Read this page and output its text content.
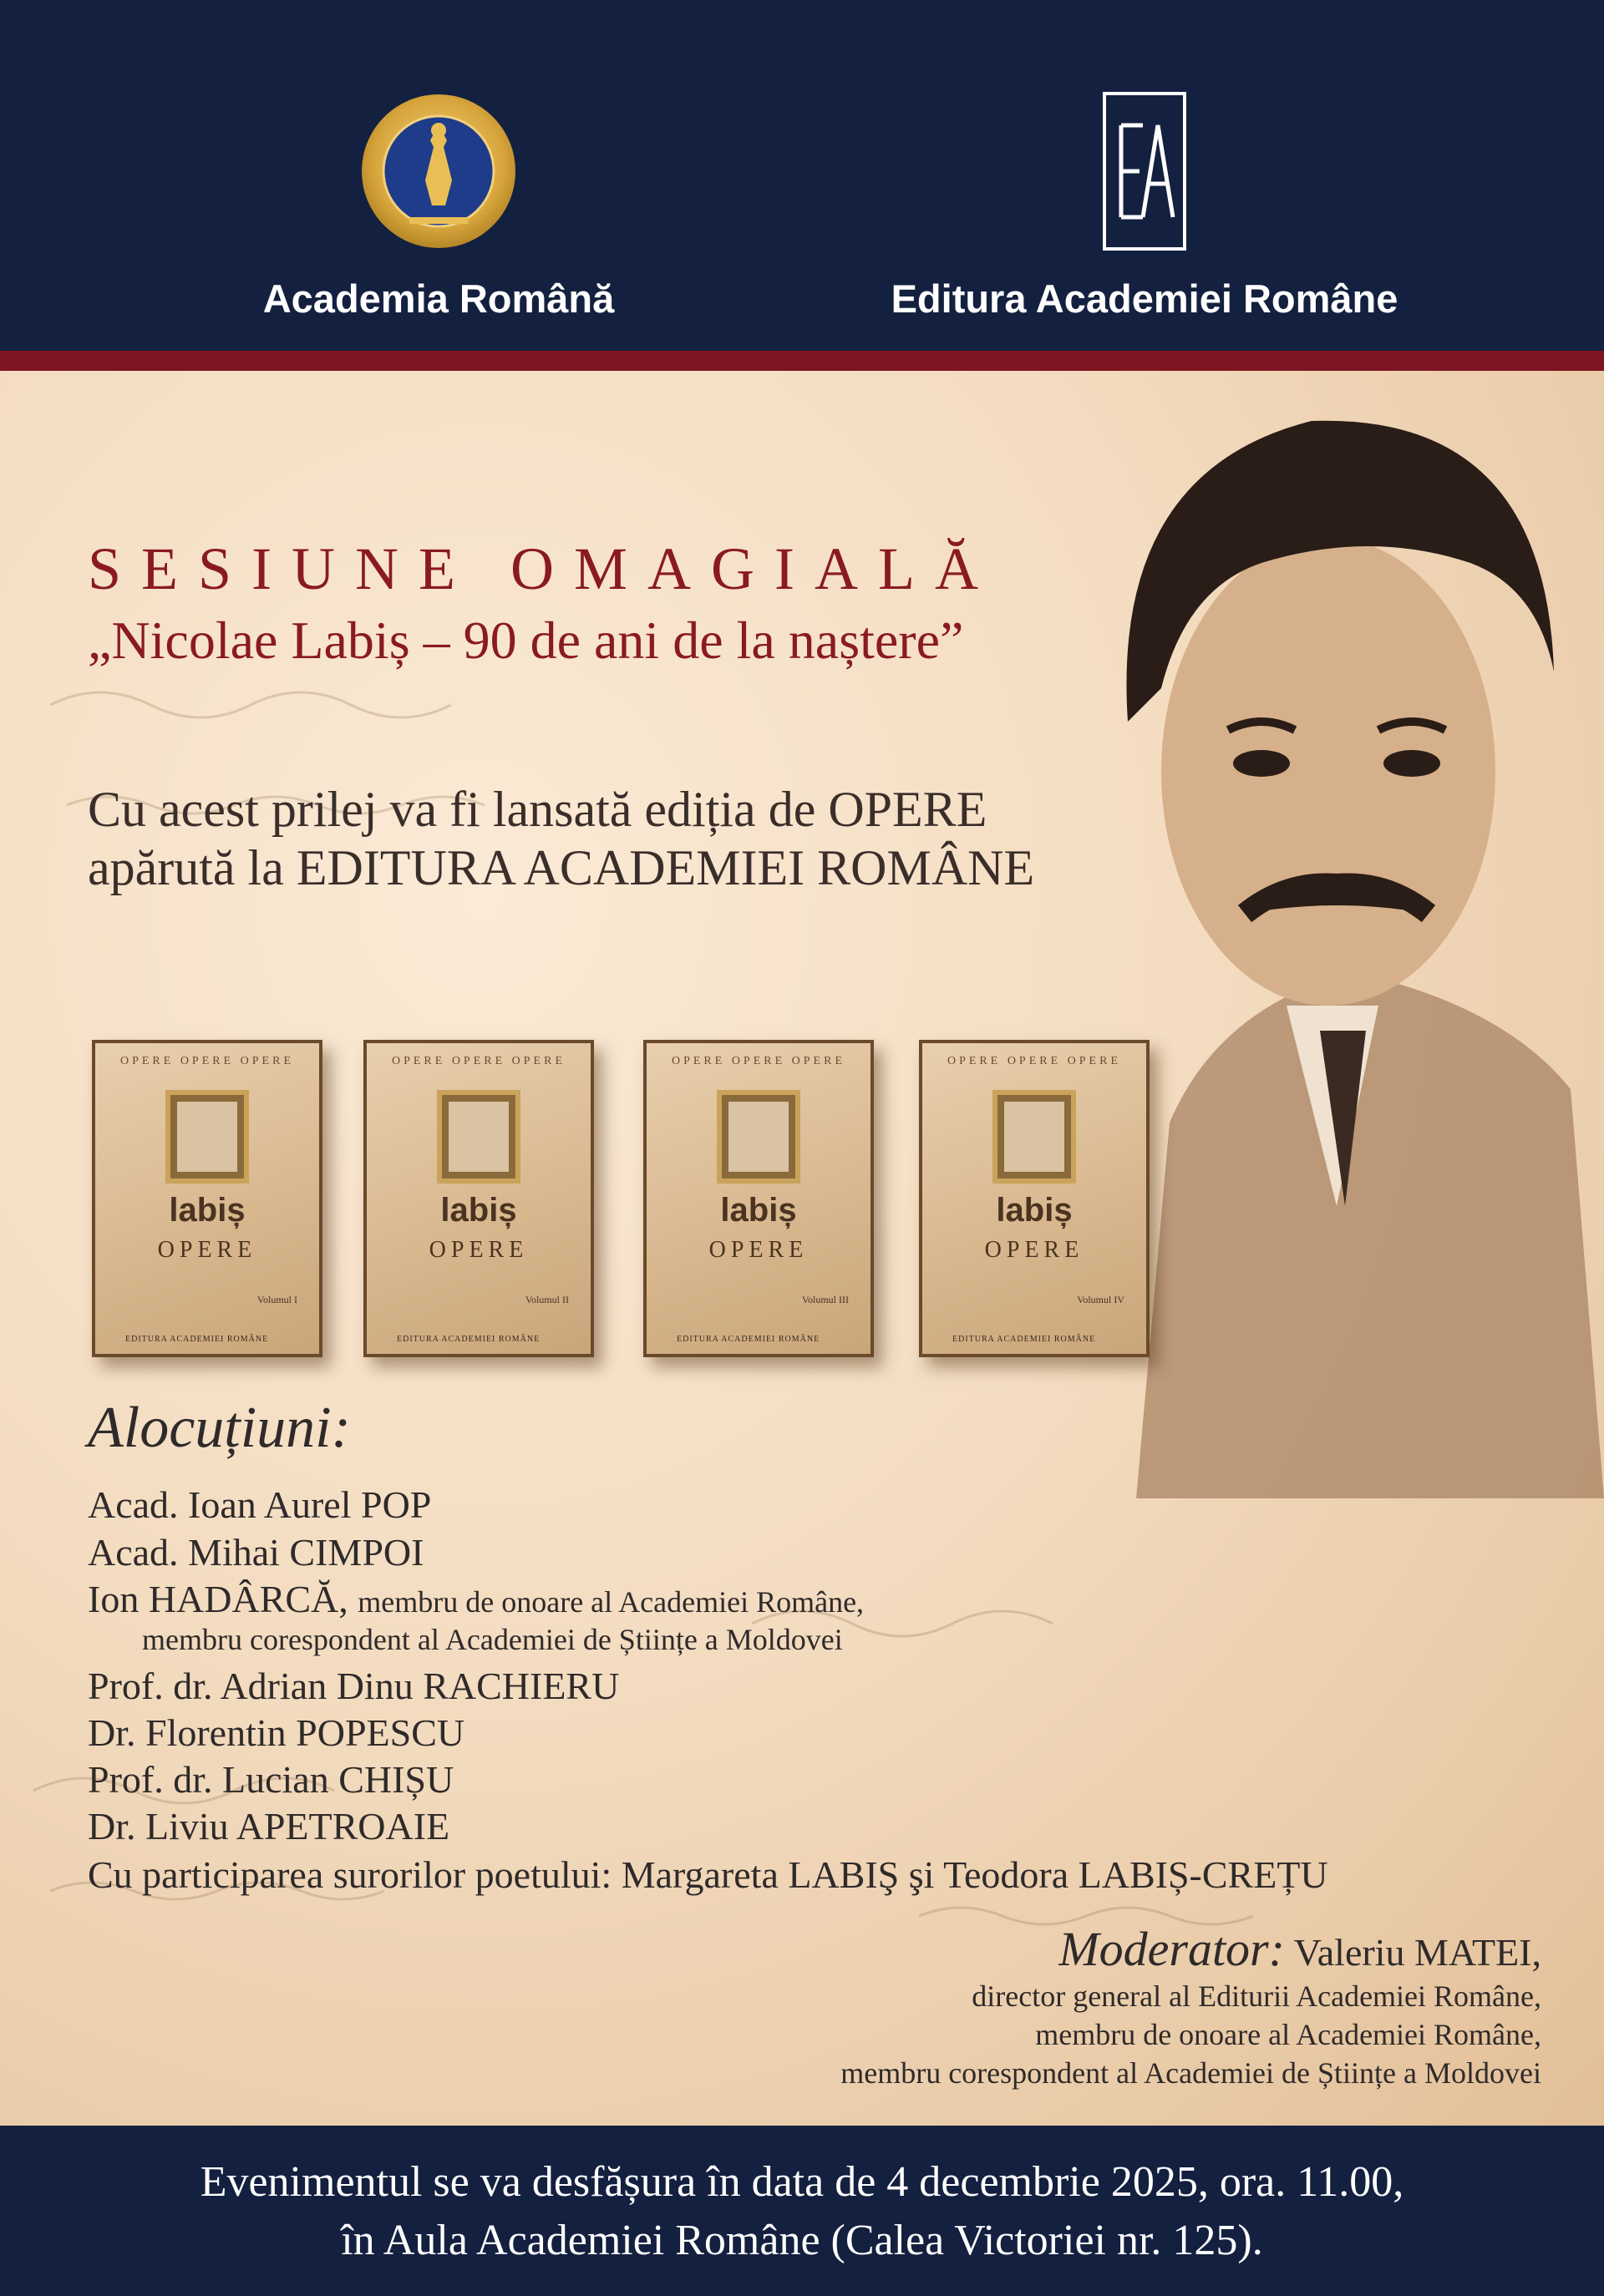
Academia Română	Editura Academiei Române
SESIUNE OMAGIALĂ
„Nicolae Labiș – 90 de ani de la naștere”
Cu acest prilej va fi lansată ediția de OPERE
apărută la EDITURA ACADEMIEI ROMÂNE
OPERE OPERE OPERE
labiș
OPERE
Volumul I
EDITURA ACADEMIEI ROMÂNE
OPERE OPERE OPERE
labiș
OPERE
Volumul II
EDITURA ACADEMIEI ROMÂNE
OPERE OPERE OPERE
labiș
OPERE
Volumul III
EDITURA ACADEMIEI ROMÂNE
OPERE OPERE OPERE
labiș
OPERE
Volumul IV
EDITURA ACADEMIEI ROMÂNE
Alocuțiuni:
Acad. Ioan Aurel POP
Acad. Mihai CIMPOI
Ion HADÂRCĂ, membru de onoare al Academiei Române,
membru corespondent al Academiei de Științe a Moldovei
Prof. dr. Adrian Dinu RACHIERU
Dr. Florentin POPESCU
Prof. dr. Lucian CHIȘU
Dr. Liviu APETROAIE
Cu participarea surorilor poetului: Margareta LABIŞ şi Teodora LABIȘ-CREȚU
Moderator: Valeriu MATEI,
director general al Editurii Academiei Române,
membru de onoare al Academiei Române,
membru corespondent al Academiei de Științe a Moldovei
Evenimentul se va desfășura în data de 4 decembrie 2025, ora. 11.00,
în Aula Academiei Române (Calea Victoriei nr. 125).
